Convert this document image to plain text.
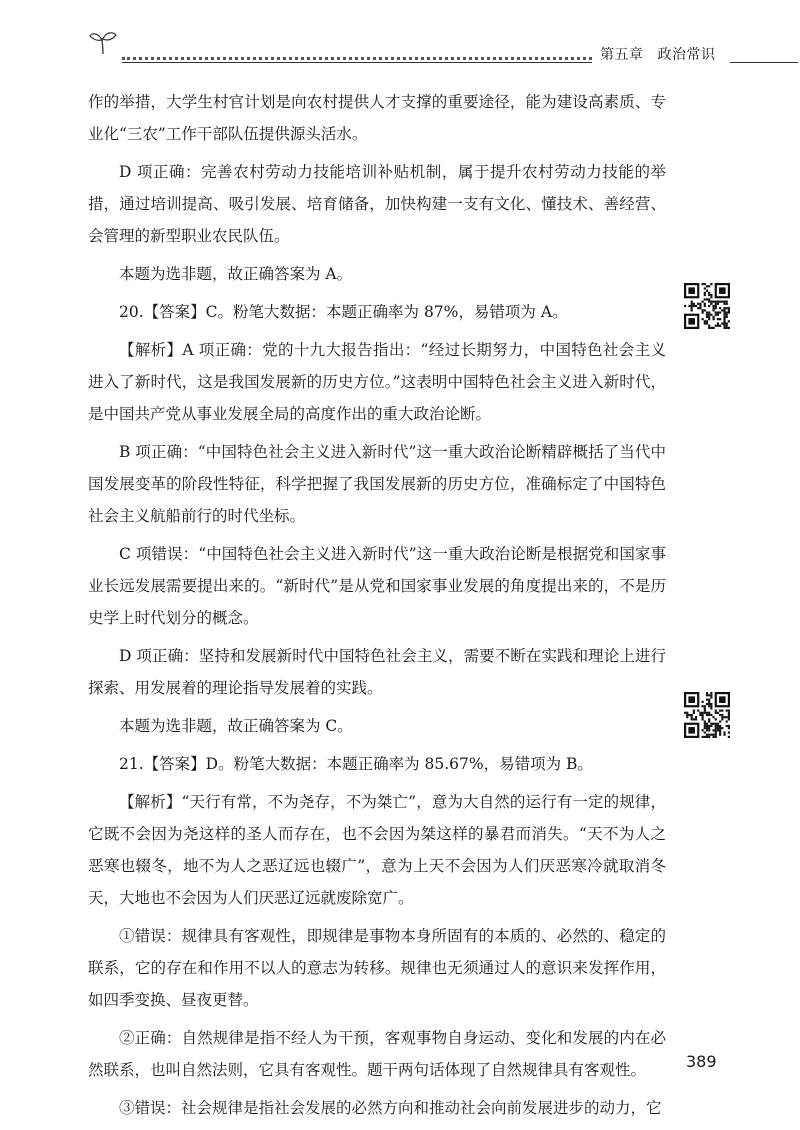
第五章 政治常识

作的举措，大学生村官计划是向农村提供人才支撑的重要途径，能为建设高素质、专业化“三农”工作干部队伍提供源头活水。

D 项正确：完善农村劳动力技能培训补贴机制，属于提升农村劳动力技能的举措，通过培训提高、吸引发展、培育储备，加快构建一支有文化、懂技术、善经营、会管理的新型职业农民队伍。

本题为选非题，故正确答案为 A。

20.【答案】C。粉笔大数据：本题正确率为 87%，易错项为 A。

【解析】A 项正确：党的十九大报告指出：“经过长期努力，中国特色社会主义进入了新时代，这是我国发展新的历史方位。”这表明中国特色社会主义进入新时代，是中国共产党从事业发展全局的高度作出的重大政治论断。

B 项正确：“中国特色社会主义进入新时代”这一重大政治论断精辟概括了当代中国发展变革的阶段性特征，科学把握了我国发展新的历史方位，准确标定了中国特色社会主义航船前行的时代坐标。

C 项错误：“中国特色社会主义进入新时代”这一重大政治论断是根据党和国家事业长远发展需要提出来的。“新时代”是从党和国家事业发展的角度提出来的，不是历史学上时代划分的概念。

D 项正确：坚持和发展新时代中国特色社会主义，需要不断在实践和理论上进行探索、用发展着的理论指导发展着的实践。

本题为选非题，故正确答案为 C。

21.【答案】D。粉笔大数据：本题正确率为 85.67%，易错项为 B。

【解析】“天行有常，不为尧存，不为桀亡”，意为大自然的运行有一定的规律，它既不会因为尧这样的圣人而存在，也不会因为桀这样的暴君而消失。“天不为人之恶寒也辍冬，地不为人之恶辽远也辍广”，意为上天不会因为人们厌恶寒冷就取消冬天，大地也不会因为人们厌恶辽远就废除宽广。

①错误：规律具有客观性，即规律是事物本身所固有的本质的、必然的、稳定的联系，它的存在和作用不以人的意志为转移。规律也无须通过人的意识来发挥作用，如四季变换、昼夜更替。

②正确：自然规律是指不经人为干预，客观事物自身运动、变化和发展的内在必然联系，也叫自然法则，它具有客观性。题干两句话体现了自然规律具有客观性。

③错误：社会规律是指社会发展的必然方向和推动社会向前发展进步的动力，它

389
